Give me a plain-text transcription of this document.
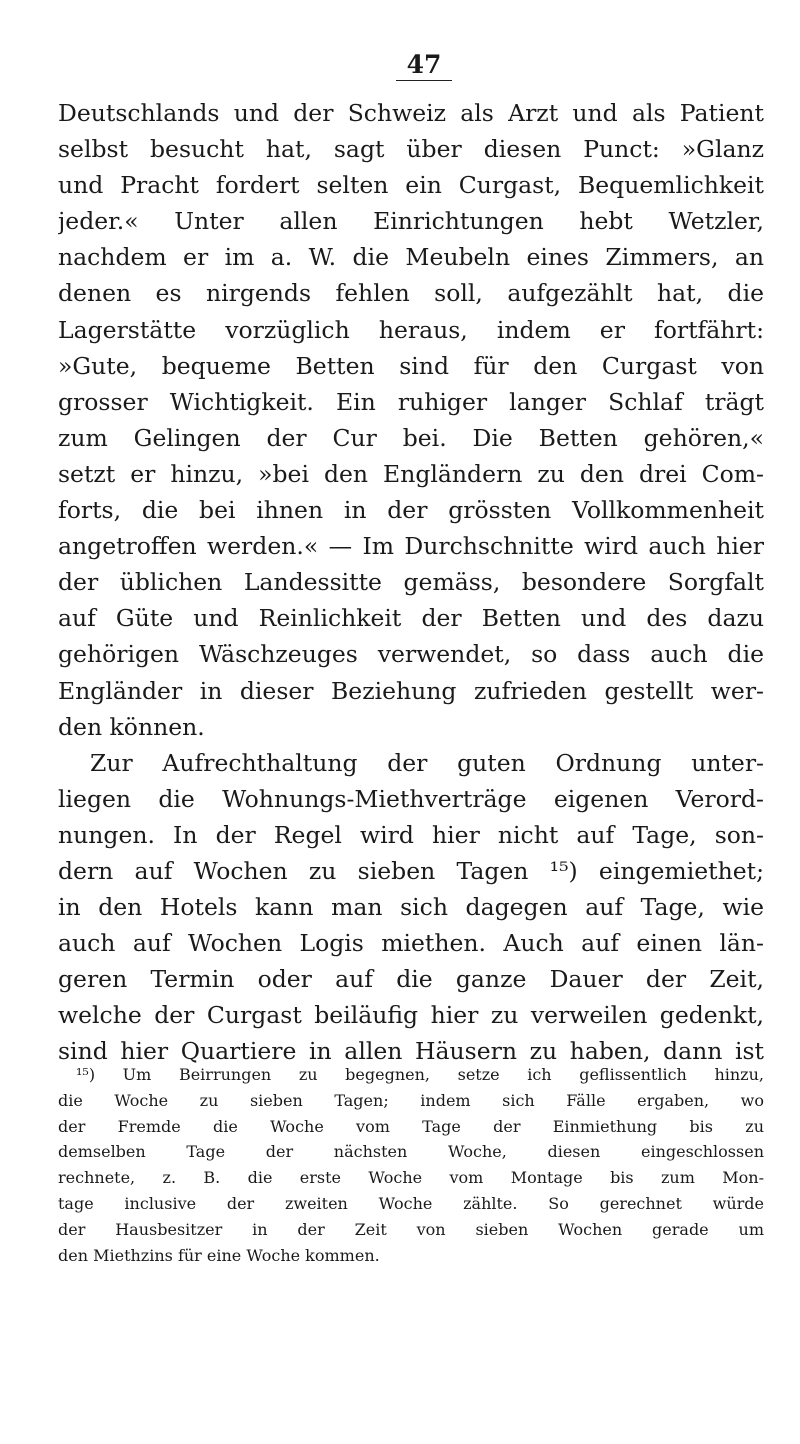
47
Deutschlands und der Schweiz als Arzt und als Patient
selbst besucht hat, sagt über diesen Punct: »Glanz
und Pracht fordert selten ein Curgast, Bequemlichkeit
jeder.« Unter allen Einrichtungen hebt Wetzler,
nachdem er im a. W. die Meubeln eines Zimmers, an
denen es nirgends fehlen soll, aufgezählt hat, die
Lagerstätte vorzüglich heraus, indem er fortfährt:
»Gute, bequeme Betten sind für den Curgast von
grosser Wichtigkeit. Ein ruhiger langer Schlaf trägt
zum Gelingen der Cur bei. Die Betten gehören,«
setzt er hinzu, »bei den Engländern zu den drei Com-
forts, die bei ihnen in der grössten Vollkommenheit
angetroffen werden.« — Im Durchschnitte wird auch hier
der üblichen Landessitte gemäss, besondere Sorgfalt
auf Güte und Reinlichkeit der Betten und des dazu
gehörigen Wäschzeuges verwendet, so dass auch die
Engländer in dieser Beziehung zufrieden gestellt wer-
den können.
Zur Aufrechthaltung der guten Ordnung unter-
liegen die Wohnungs-Miethverträge eigenen Verord-
nungen. In der Regel wird hier nicht auf Tage, son-
dern auf Wochen zu sieben Tagen ¹⁵) eingemiethet;
in den Hotels kann man sich dagegen auf Tage, wie
auch auf Wochen Logis miethen. Auch auf einen län-
geren Termin oder auf die ganze Dauer der Zeit,
welche der Curgast beiläufig hier zu verweilen gedenkt,
sind hier Quartiere in allen Häusern zu haben, dann ist
¹⁵) Um Beirrungen zu begegnen, setze ich geflissentlich hinzu,
die Woche zu sieben Tagen; indem sich Fälle ergaben, wo
der Fremde die Woche vom Tage der Einmiethung bis zu
demselben Tage der nächsten Woche, diesen eingeschlossen
rechnete, z. B. die erste Woche vom Montage bis zum Mon-
tage inclusive der zweiten Woche zählte. So gerechnet würde
der Hausbesitzer in der Zeit von sieben Wochen gerade um
den Miethzins für eine Woche kommen.
